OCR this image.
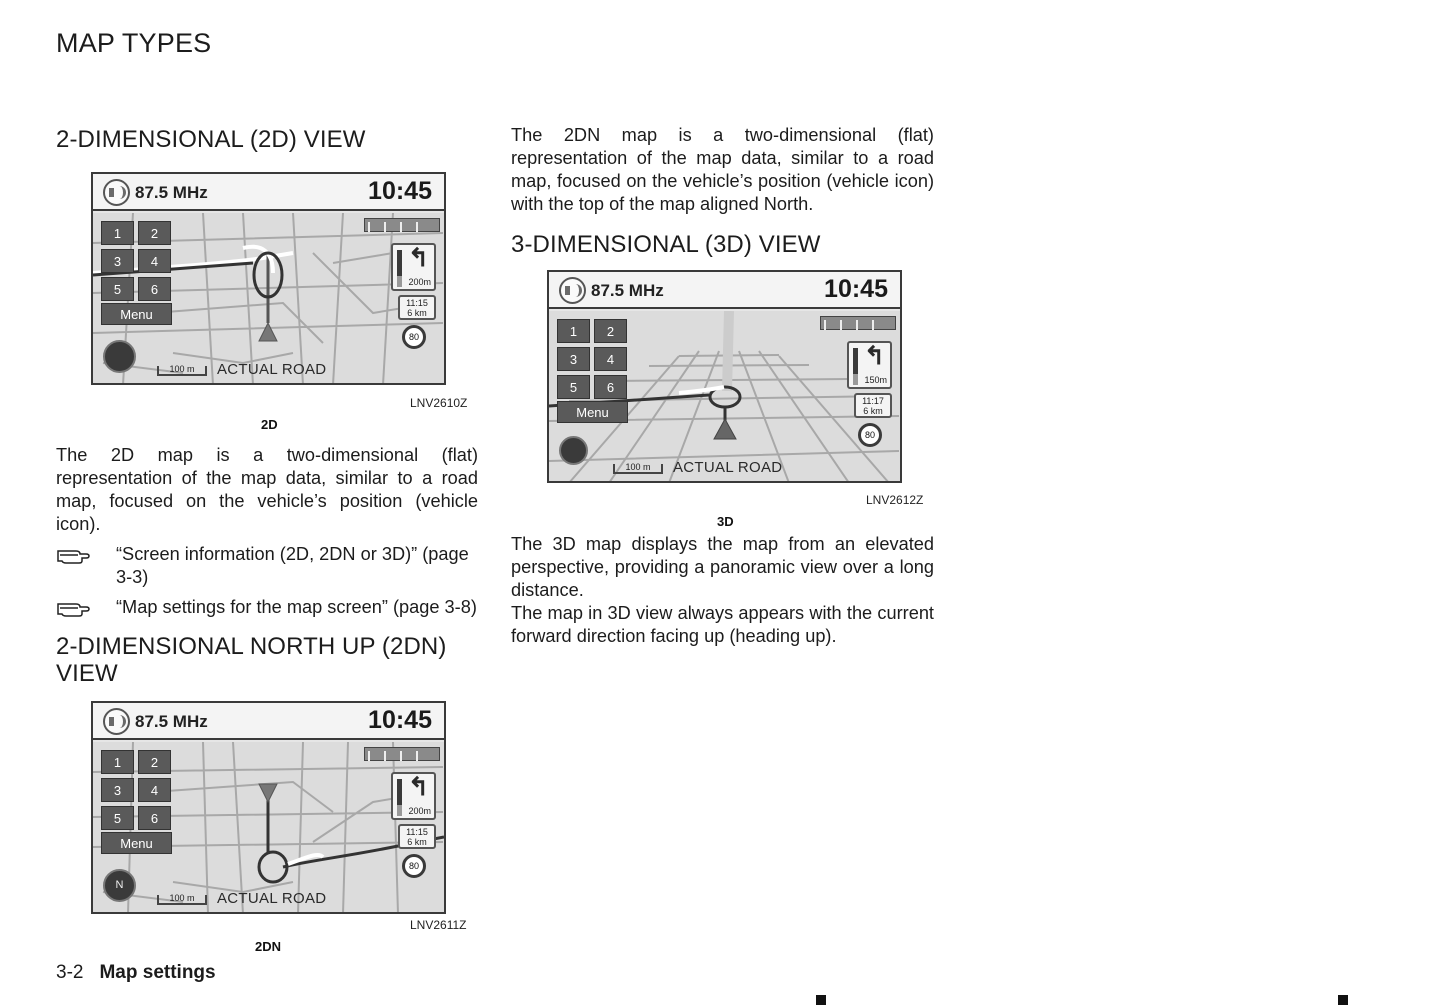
MAP TYPES
2-DIMENSIONAL (2D) VIEW
87.5 MHz	10:45
1	2
3	4
5	6
Menu
↰
200m
11:15
6 km
80
100 m	ACTUAL ROAD
LNV2610Z
2D

The 2D map is a two-dimensional (flat) representation of the map data, similar to a road map, focused on the vehicle’s position (vehicle icon).

“Screen information (2D, 2DN or 3D)” (page 3-3)
“Map settings for the map screen” (page 3-8)
2-DIMENSIONAL NORTH UP (2DN) VIEW
87.5 MHz	10:45
1	2
3	4
5	6
Menu
↰
200m
11:15
6 km
80
N
100 m	ACTUAL ROAD
LNV2611Z
2DN

The 2DN map is a two-dimensional (flat) representation of the map data, similar to a road map, focused on the vehicle’s position (vehicle icon) with the top of the map aligned North.

3-DIMENSIONAL (3D) VIEW
87.5 MHz	10:45
1	2
3	4
5	6
Menu
↰
150m
11:17
6 km
80
100 m	ACTUAL ROAD
LNV2612Z
3D

The 3D map displays the map from an elevated perspective, providing a panoramic view over a long distance.

The map in 3D view always appears with the current forward direction facing up (heading up).

3-2 Map settings
